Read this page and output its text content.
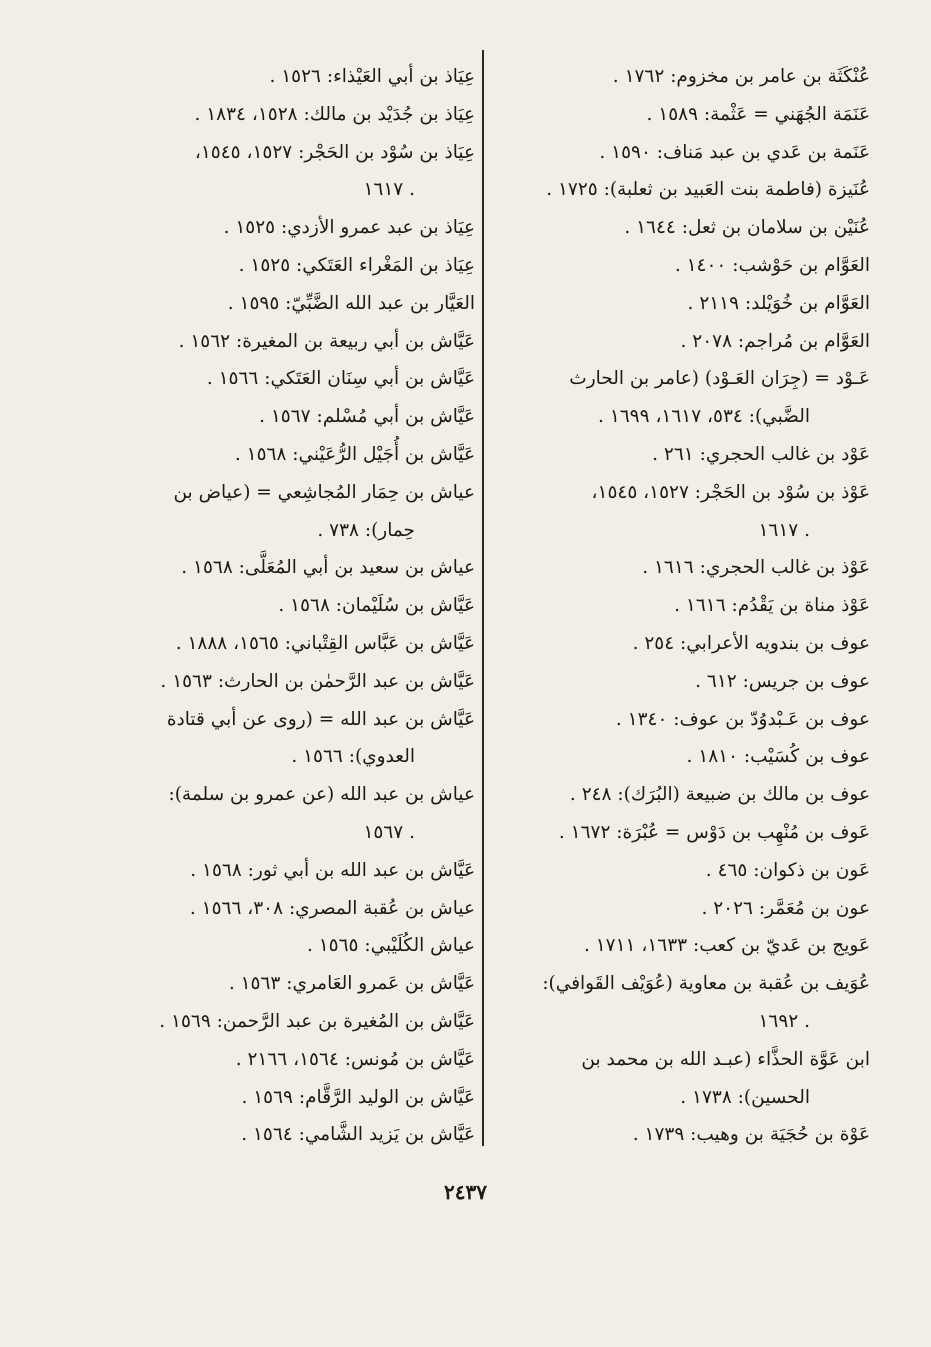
عُنْكَثَة بن عامر بن مخزوم: ١٧٦٢ .

عَنَمَة الجُهَني = عَثْمة: ١٥٨٩ .

عَنَمة بن عَدي بن عبد مَناف: ١٥٩٠ .

عُنَيزة (فاطمة بنت العَبيد بن ثعلبة): ١٧٢٥ .

عُنَيْن بن سلامان بن ثعل: ١٦٤٤ .

العَوَّام بن حَوْشب: ١٤٠٠ .

العَوَّام بن خُوَيْلد: ٢١١٩ .

العَوَّام بن مُراجم: ٢٠٧٨ .

عَـوْد = (جِرَان العَـوْد) (عامر بن الحارث

الضَّبي): ٥٣٤، ١٦١٧، ١٦٩٩ .

عَوْد بن غالب الحجري: ٢٦١ .

عَوْذ بن سُوْد بن الحَجْر: ١٥٢٧، ١٥٤٥،

. ١٦١٧

عَوْذ بن غالب الحجري: ١٦١٦ .

عَوْذ مناة بن يَقْدُم: ١٦١٦ .

عوف بن بندويه الأعرابي: ٢٥٤ .

عوف بن جريس: ٦١٢ .

عوف بن عَـبْدوُدّ بن عوف: ١٣٤٠ .

عوف بن كُسَيْب: ١٨١٠ .

عوف بن مالك بن ضبيعة (البُرَك): ٢٤٨ .

عَوف بن مُنْهِب بن دَوْس = عُبْرَة: ١٦٧٢ .

عَون بن ذكوان: ٤٦٥ .

عون بن مُعَمَّر: ٢٠٢٦ .

عَويج بن عَديّ بن كعب: ١٦٣٣، ١٧١١ .

عُوَيف بن عُقبة بن معاوية (عُوَيْف القَوافي):

. ١٦٩٢

ابن عَوَّة الحذَّاء (عبـد الله بن محمد بن

الحسين): ١٧٣٨ .

عَوْة بن حُجَيَة بن وهيب: ١٧٣٩ .

عِيَاذ بن أبي العَيْذاء: ١٥٢٦ .

عِيَاذ بن جُدَيْد بن مالك: ١٥٢٨، ١٨٣٤ .

عِيَاذ بن سُوْد بن الحَجْر: ١٥٢٧، ١٥٤٥،

. ١٦١٧

عِيَاذ بن عبد عمرو الأزدي: ١٥٢٥ .

عِيَاذ بن المَغْراء العَتَكي: ١٥٢٥ .

العَيَّار بن عبد الله الضَّبِّيّ: ١٥٩٥ .

عَيَّاش بن أبي ربيعة بن المغيرة: ١٥٦٢ .

عَيَّاش بن أبي سِنَان العَتَكي: ١٥٦٦ .

عَيَّاش بن أبي مُسْلم: ١٥٦٧ .

عَيَّاش بن أُجَيْل الرُّعَيْني: ١٥٦٨ .

عياش بن حِمَار المُجاشِعي = (عياض بن

حِمار): ٧٣٨ .

عياش بن سعيد بن أبي المُعَلَّى: ١٥٦٨ .

عَيَّاش بن سُلَيْمان: ١٥٦٨ .

عَيَّاش بن عَبَّاس القِتْباني: ١٥٦٥، ١٨٨٨ .

عَيَّاش بن عبد الرَّحمٰن بن الحارث: ١٥٦٣ .

عَيَّاش بن عبد الله = (روى عن أبي قتادة

العدوي): ١٥٦٦ .

عياش بن عبد الله (عن عمرو بن سلمة):

. ١٥٦٧

عَيَّاش بن عبد الله بن أبي ثور: ١٥٦٨ .

عياش بن عُقبة المصري: ٣٠٨، ١٥٦٦ .

عياش الكُلَيْبي: ١٥٦٥ .

عَيَّاش بن عَمرو العَامري: ١٥٦٣ .

عَيَّاش بن المُغيرة بن عبد الرَّحمن: ١٥٦٩ .

عَيَّاش بن مُونس: ١٥٦٤، ٢١٦٦ .

عَيَّاش بن الوليد الرَّقَّام: ١٥٦٩ .

عَيَّاش بن يَزيد الشَّامي: ١٥٦٤ .

٢٤٣٧
